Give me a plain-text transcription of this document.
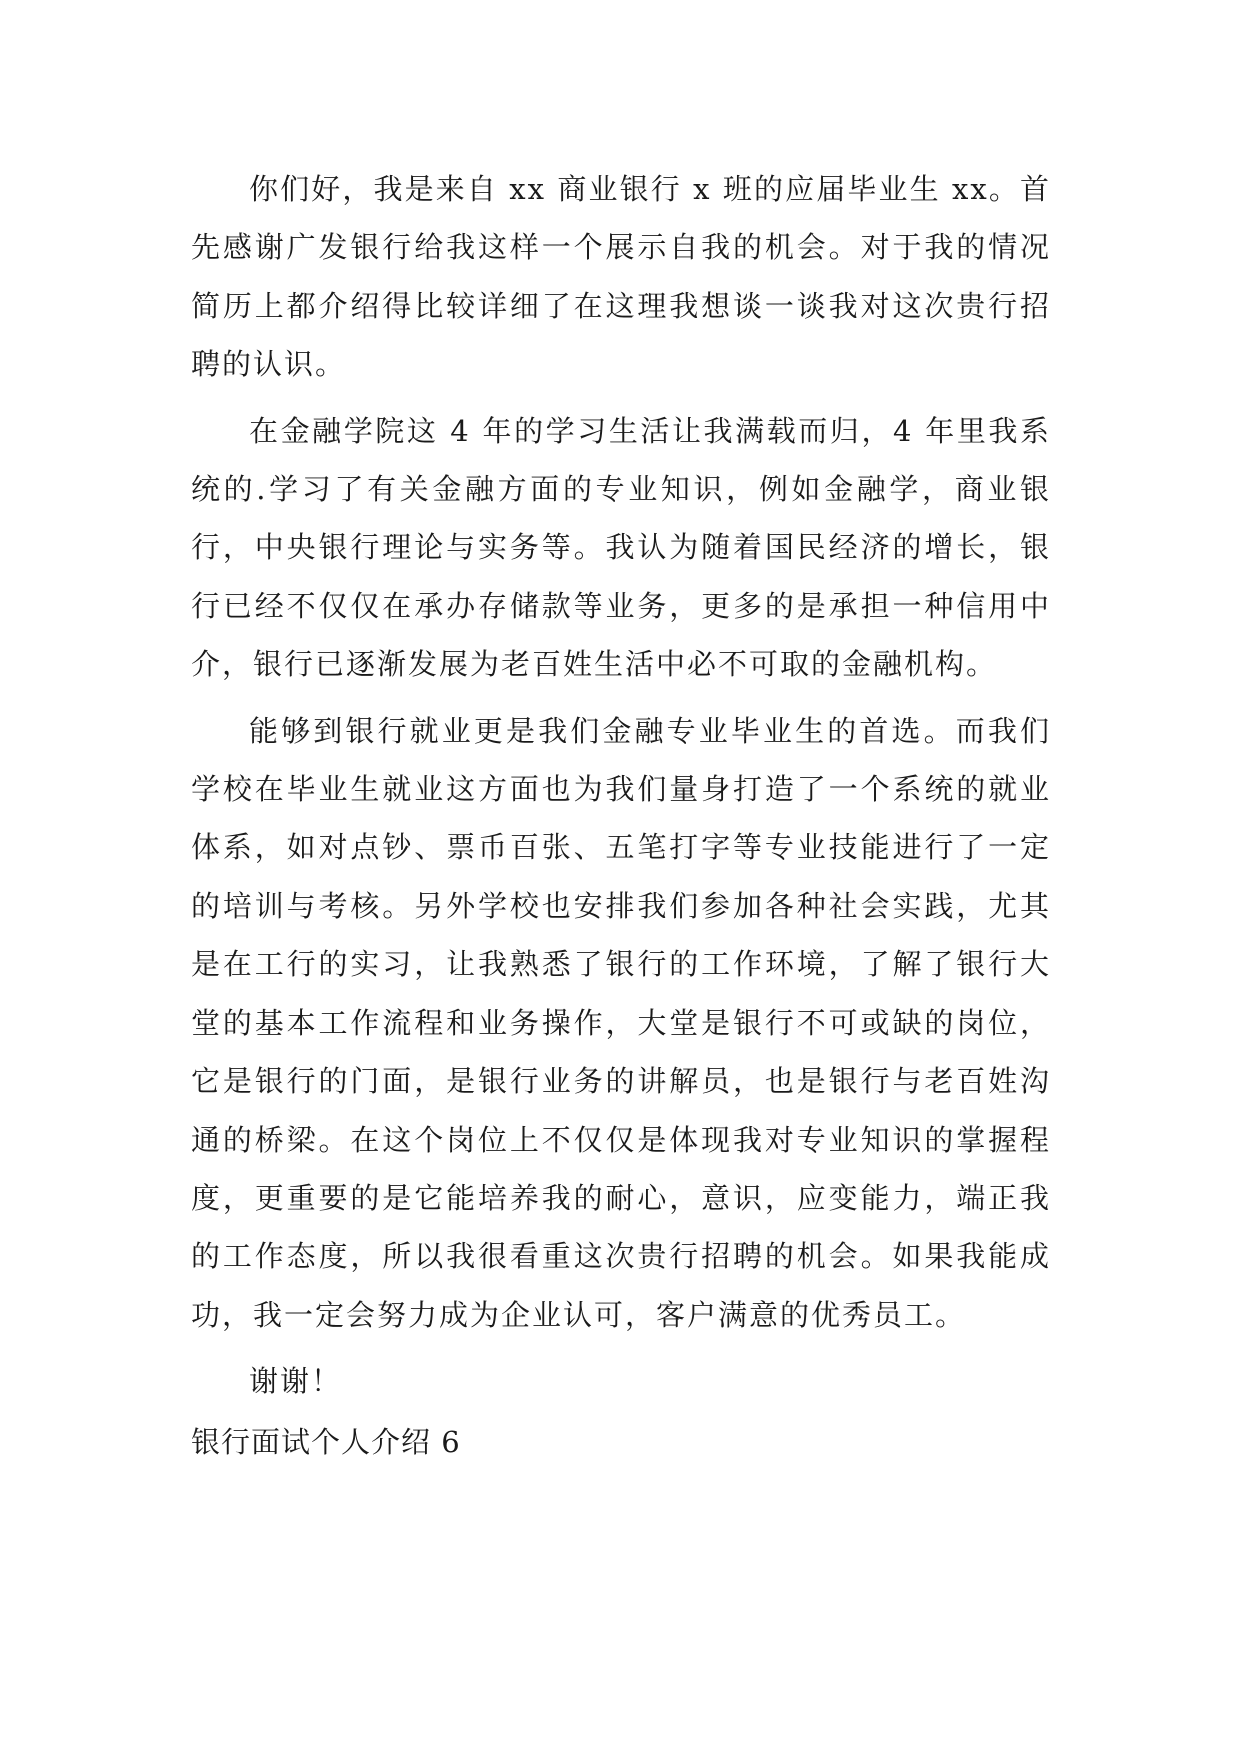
你们好，我是来自 xx 商业银行 x 班的应届毕业生 xx。首先感谢广发银行给我这样一个展示自我的机会。对于我的情况简历上都介绍得比较详细了在这理我想谈一谈我对这次贵行招聘的认识。

在金融学院这 4 年的学习生活让我满载而归，4 年里我系统的.学习了有关金融方面的专业知识，例如金融学，商业银行，中央银行理论与实务等。我认为随着国民经济的增长，银行已经不仅仅在承办存储款等业务，更多的是承担一种信用中介，银行已逐渐发展为老百姓生活中必不可取的金融机构。

能够到银行就业更是我们金融专业毕业生的首选。而我们学校在毕业生就业这方面也为我们量身打造了一个系统的就业体系，如对点钞、票币百张、五笔打字等专业技能进行了一定的培训与考核。另外学校也安排我们参加各种社会实践，尤其是在工行的实习，让我熟悉了银行的工作环境，了解了银行大堂的基本工作流程和业务操作，大堂是银行不可或缺的岗位，它是银行的门面，是银行业务的讲解员，也是银行与老百姓沟通的桥梁。在这个岗位上不仅仅是体现我对专业知识的掌握程度，更重要的是它能培养我的耐心，意识，应变能力，端正我的工作态度，所以我很看重这次贵行招聘的机会。如果我能成功，我一定会努力成为企业认可，客户满意的优秀员工。

谢谢！

银行面试个人介绍 6
